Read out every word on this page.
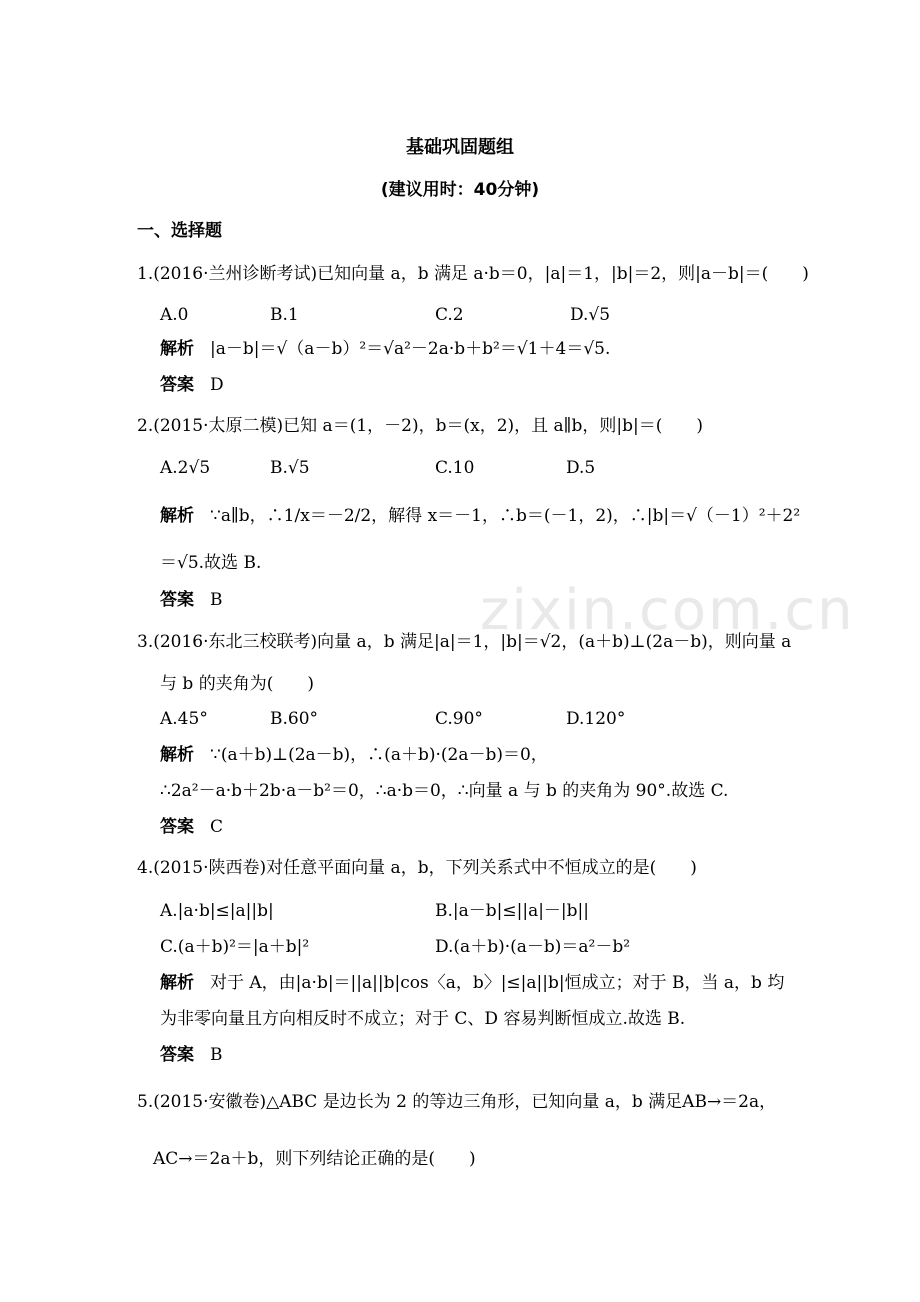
zixin.com.cn
基础巩固题组
(建议用时：40分钟)
一、选择题
1.(2016·兰州诊断考试)已知向量 a，b 满足 a·b＝0，|a|＝1，|b|＝2，则|a－b|＝(　　)
A.0	B.1	C.2	D.√5
解析 |a－b|＝√（a－b）²＝√a²－2a·b＋b²＝√1＋4＝√5.
答案 D
2.(2015·太原二模)已知 a＝(1，－2)，b＝(x，2)，且 a∥b，则|b|＝(　　)
A.2√5	B.√5	C.10	D.5
解析 ∵a∥b，∴1/x＝－2/2，解得 x＝－1，∴b＝(－1，2)，∴|b|＝√（－1）²＋2²
＝√5.故选 B.
答案 B
3.(2016·东北三校联考)向量 a，b 满足|a|＝1，|b|＝√2，(a＋b)⊥(2a－b)，则向量 a
与 b 的夹角为(　　)
A.45°	B.60°	C.90°	D.120°
解析 ∵(a＋b)⊥(2a－b)，∴(a＋b)·(2a－b)＝0，
∴2a²－a·b＋2b·a－b²＝0，∴a·b＝0，∴向量 a 与 b 的夹角为 90°.故选 C.
答案 C
4.(2015·陕西卷)对任意平面向量 a，b，下列关系式中不恒成立的是(　　)
A.|a·b|≤|a||b|	B.|a－b|≤||a|－|b||
C.(a＋b)²＝|a＋b|²	D.(a＋b)·(a－b)＝a²－b²
解析 对于 A，由|a·b|＝||a||b|cos〈a，b〉|≤|a||b|恒成立；对于 B，当 a，b 均
为非零向量且方向相反时不成立；对于 C、D 容易判断恒成立.故选 B.
答案 B
5.(2015·安徽卷)△ABC 是边长为 2 的等边三角形，已知向量 a，b 满足AB→＝2a，
AC→＝2a＋b，则下列结论正确的是(　　)
